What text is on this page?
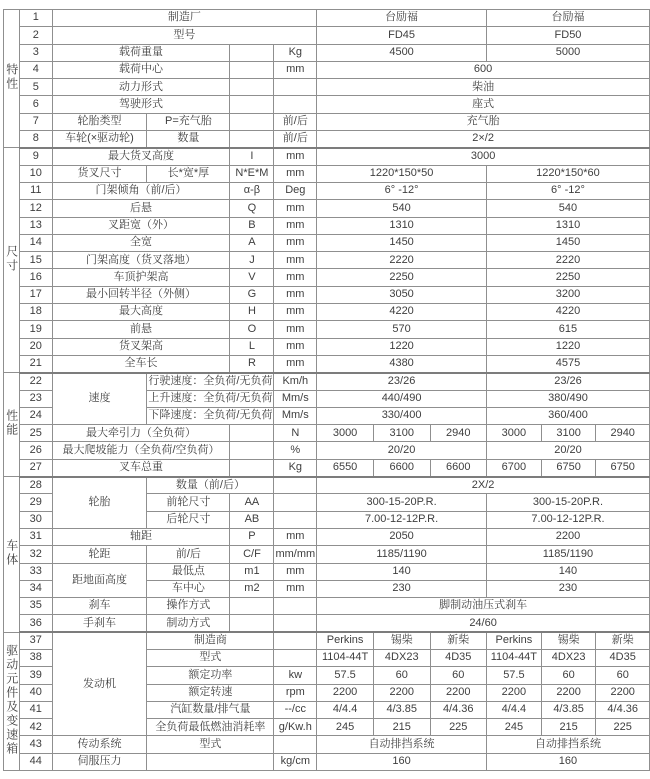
特性	1	制造厂				台励福			台励福		
	2	型号				FD45			FD50		
	3	载荷重量			Kg	4500			5000		
	4	载荷中心			mm	600					
	5	动力形式				柴油					
	6	驾驶形式				座式					
	7	轮胎类型	P=充气胎		前/后	充气胎					
	8	车轮(×驱动轮)	数量		前/后	2×/2					
尺寸	9	最大货叉高度		I	mm	3000					
	10	货叉尺寸	长*宽*厚	N*E*M	mm	1220*150*50			1220*150*60		
	11	门架倾角（前/后）		α-β	Deg	6° -12°			6° -12°		
	12	后悬		Q	mm	540			540		
	13	叉距宽（外）		B	mm	1310			1310		
	14	全宽		A	mm	1450			1450		
	15	门架高度（货叉落地）		J	mm	2220			2220		
	16	车顶护架高		V	mm	2250			2250		
	17	最小回转半径（外侧）		G	mm	3050			3200		
	18	最大高度		H	mm	4220			4220		
	19	前悬		O	mm	570			615		
	20	货叉架高		L	mm	1220			1220		
	21	全车长		R	mm	4380			4575		
性能	22	速度	行驶速度：全负荷/无负荷		Km/h	23/26			23/26		
	23		上升速度：全负荷/无负荷		Mm/s	440/490			380/490		
	24		下降速度：全负荷/无负荷		Mm/s	330/400			360/400		
	25	最大牵引力（全负荷）			N	3000	3100	2940	3000	3100	2940
	26	最大爬坡能力（全负荷/空负荷）			%	20/20			20/20		
	27	叉车总重			Kg	6550	6600	6600	6700	6750	6750
车体	28	轮胎	数量（前/后）			2X/2					
	29		前轮尺寸	AA		300-15-20P.R.			300-15-20P.R.		
	30		后轮尺寸	AB		7.00-12-12P.R.			7.00-12-12P.R.		
	31	轴距		P	mm	2050			2200		
	32	轮距	前/后	C/F	mm/mm	1185/1190			1185/1190		
	33	距地面高度	最低点	m1	mm	140			140		
	34		车中心	m2	mm	230			230		
	35	刹车	操作方式			脚制动油压式刹车					
	36	手刹车	制动方式			24/60					
驱动元件及变速箱	37	发动机	制造商			Perkins	锡柴	新柴	Perkins	锡柴	新柴
	38		型式			1104-44T	4DX23	4D35	1104-44T	4DX23	4D35
	39		额定功率		kw	57.5	60	60	57.5	60	60
	40		额定转速		rpm	2200	2200	2200	2200	2200	2200
	41		汽缸数量/排气量		--/cc	4/4.4	4/3.85	4/4.36	4/4.4	4/3.85	4/4.36
	42		全负荷最低燃油消耗率		g/Kw.h	245	215	225	245	215	225
	43	传动系统	型式			自动排挡系统			自动排挡系统		
	44	伺服压力			kg/cm	160			160		
